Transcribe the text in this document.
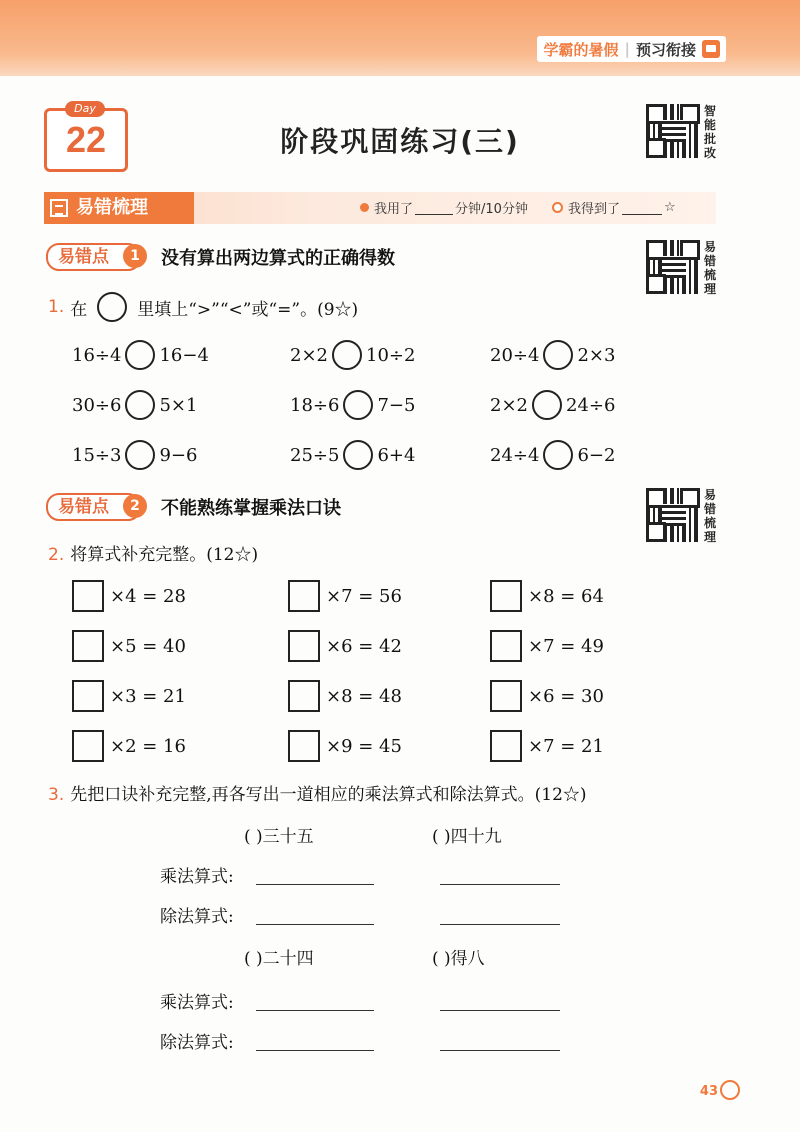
学霸的暑假 | 预习衔接
Day
22	阶段巩固练习(三)
智能批改
易错梳理
易错梳理
易错梳理	我用了	分钟/10分钟	我得到了	☆
易错点	1	没有算出两边算式的正确得数
1. 在	里填上“>”“<”或“=”。(9☆)
16÷4 16−4	2×2 10÷2	20÷4 2×3
30÷6 5×1	18÷6 7−5	2×2 24÷6
15÷3 9−6	25÷5 6+4	24÷4 6−2
易错点	2	不能熟练掌握乘法口诀
2. 将算式补充完整。(12☆)
×4 = 28	×7 = 56	×8 = 64
×5 = 40	×6 = 42	×7 = 49
×3 = 21	×8 = 48	×6 = 30
×2 = 16	×9 = 45	×7 = 21
3. 先把口诀补充完整,再各写出一道相应的乘法算式和除法算式。(12☆)
( )三十五	( )四十九
乘法算式:
除法算式:
( )二十四	( )得八
乘法算式:
除法算式:
43
